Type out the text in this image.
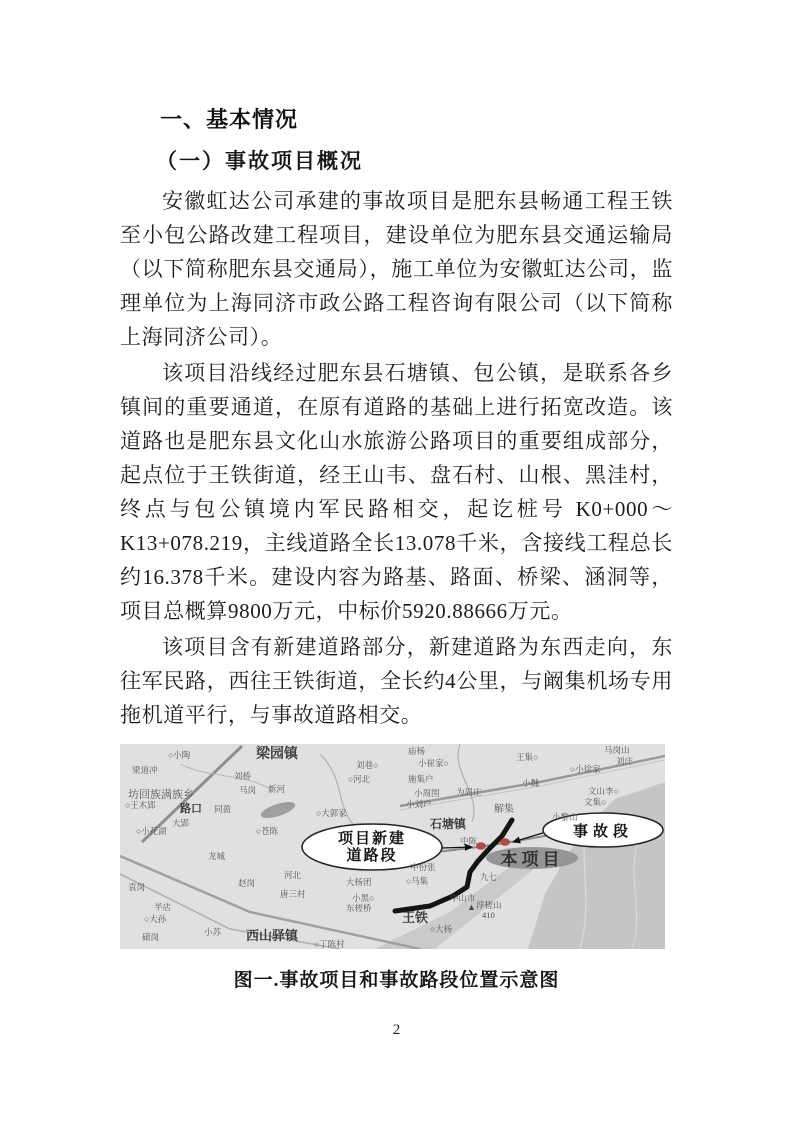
一、基本情况
（一）事故项目概况

安徽虹达公司承建的事故项目是肥东县畅通工程王铁至小包公路改建工程项目，建设单位为肥东县交通运输局（以下简称肥东县交通局），施工单位为安徽虹达公司，监理单位为上海同济市政公路工程咨询有限公司（以下简称上海同济公司）。

该项目沿线经过肥东县石塘镇、包公镇，是联系各乡镇间的重要通道，在原有道路的基础上进行拓宽改造。该道路也是肥东县文化山水旅游公路项目的重要组成部分，起点位于王铁街道，经王山韦、盘石村、山根、黑洼村，终点与包公镇境内军民路相交，起讫桩号 K0+000～K13+078.219，主线道路全长13.078千米，含接线工程总长约16.378千米。建设内容为路基、路面、桥梁、涵洞等，项目总概算9800万元，中标价5920.88666万元。

该项目含有新建道路部分，新建道路为东西走向，东往军民路，西往王铁街道，全长约4公里，与阚集机场专用拖机道平行，与事故道路相交。

本项目
项目新建
道路段
事故段
▲ 浮槎山
410
○小陶	梁园镇
梁道冲
刘桥
马岗 新河
刘巷○
○河北
庙杨
小崔家○
施集户
王集○
马岗山
刘庄
○小徐家
小魏
小周围 为周庄	文山李○
文集○
坊回族满族乡
○王木郢 路口 同盈
大郢
○小花湖	○苍陈
○大郭家
小刘户
石塘镇
解集
小黎山
中陈
中份张
○马集	九七
中山市
龙城
河北
大杨团
赵岗
唐三村	小黑○
东槎桥
袁岗
半店
○大孙
磙岗	小苏 西山驿镇
○丁陈村
○大杨
王铁
图一.事故项目和事故路段位置示意图
2
